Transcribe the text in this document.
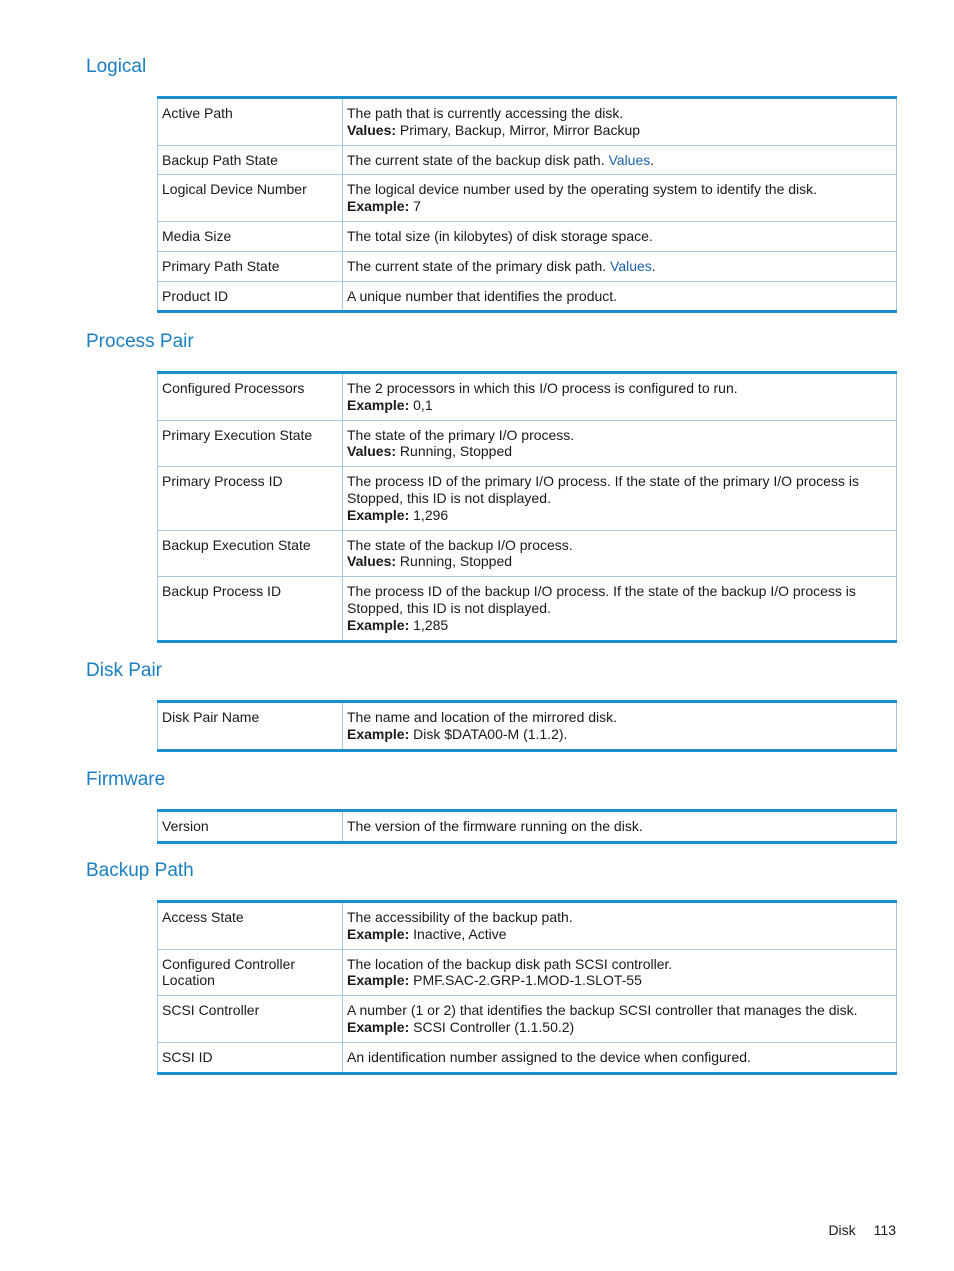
Logical
Active Path	The path that is currently accessing the disk.
Values: Primary, Backup, Mirror, Mirror Backup
Backup Path State	The current state of the backup disk path. Values.
Logical Device Number	The logical device number used by the operating system to identify the disk.
Example: 7
Media Size	The total size (in kilobytes) of disk storage space.
Primary Path State	The current state of the primary disk path. Values.
Product ID	A unique number that identifies the product.
Process Pair
Configured Processors	The 2 processors in which this I/O process is configured to run.
Example: 0,1
Primary Execution State	The state of the primary I/O process.
Values: Running, Stopped
Primary Process ID	The process ID of the primary I/O process. If the state of the primary I/O process is Stopped, this ID is not displayed.
Example: 1,296
Backup Execution State	The state of the backup I/O process.
Values: Running, Stopped
Backup Process ID	The process ID of the backup I/O process. If the state of the backup I/O process is Stopped, this ID is not displayed.
Example: 1,285
Disk Pair
Disk Pair Name	The name and location of the mirrored disk.
Example: Disk $DATA00-M (1.1.2).
Firmware
Version	The version of the firmware running on the disk.
Backup Path
Access State	The accessibility of the backup path.
Example: Inactive, Active
Configured Controller Location	The location of the backup disk path SCSI controller.
Example: PMF.SAC-2.GRP-1.MOD-1.SLOT-55
SCSI Controller	A number (1 or 2) that identifies the backup SCSI controller that manages the disk.
Example: SCSI Controller (1.1.50.2)
SCSI ID	An identification number assigned to the device when configured.
Disk 113
